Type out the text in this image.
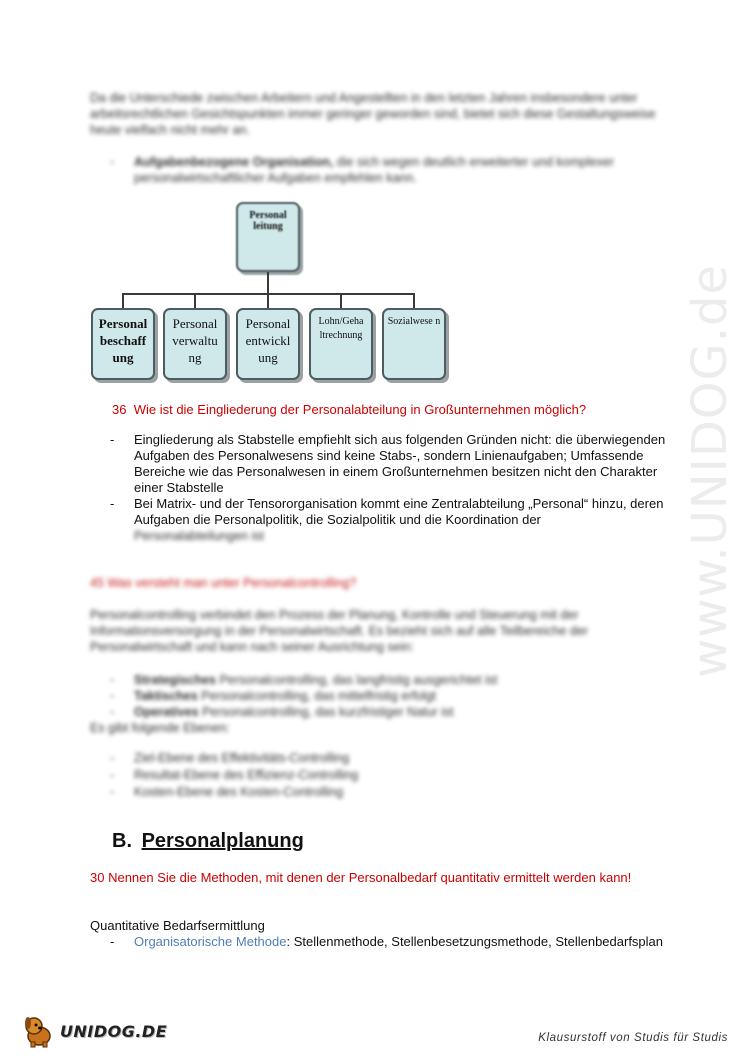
www.UNIDOG.de
Da die Unterschiede zwischen Arbeitern und Angestellten in den letzten Jahren insbesondere unter arbeitsrechtlichen Gesichtspunkten immer geringer geworden sind, bietet sich diese Gestaltungsweise heute vielfach nicht mehr an.
- Aufgabenbezogene Organisation, die sich wegen deutlich erweiterter und komplexer personalwirtschaftlicher Aufgaben empfehlen kann.
Personal leitung
Personal beschaff ung
Personal verwaltu ng
Personal entwickl ung
Lohn/Geha ltrechnung
Sozialwese n
36 Wie ist die Eingliederung der Personalabteilung in Großunternehmen möglich?
- Eingliederung als Stabstelle empfiehlt sich aus folgenden Gründen nicht: die überwiegenden Aufgaben des Personalwesens sind keine Stabs-, sondern Linienaufgaben; Umfassende Bereiche wie das Personalwesen in einem Großunternehmen besitzen nicht den Charakter einer Stabstelle
- Bei Matrix- und der Tensororganisation kommt eine Zentralabteilung „Personal“ hinzu, deren Aufgaben die Personalpolitik, die Sozialpolitik und die Koordination der
Personalabteilungen ist
45 Was versteht man unter Personalcontrolling?
Personalcontrolling verbindet den Prozess der Planung, Kontrolle und Steuerung mit der Informationsversorgung in der Personalwirtschaft. Es bezieht sich auf alle Teilbereiche der Personalwirtschaft und kann nach seiner Ausrichtung sein:
- Strategisches Personalcontrolling, das langfristig ausgerichtet ist
- Taktisches Personalcontrolling, das mittelfristig erfolgt
- Operatives Personalcontrolling, das kurzfristiger Natur ist
Es gibt folgende Ebenen:
- Ziel-Ebene des Effektivitäts-Controlling
- Resultat-Ebene des Effizienz-Controlling
- Kosten-Ebene des Kosten-Controlling
B. Personalplanung
30 Nennen Sie die Methoden, mit denen der Personalbedarf quantitativ ermittelt werden kann!
Quantitative Bedarfsermittlung
- Organisatorische Methode: Stellenmethode, Stellenbesetzungsmethode, Stellenbedarfsplan
UNIDOG.DE	Klausurstoff von Studis für Studis
